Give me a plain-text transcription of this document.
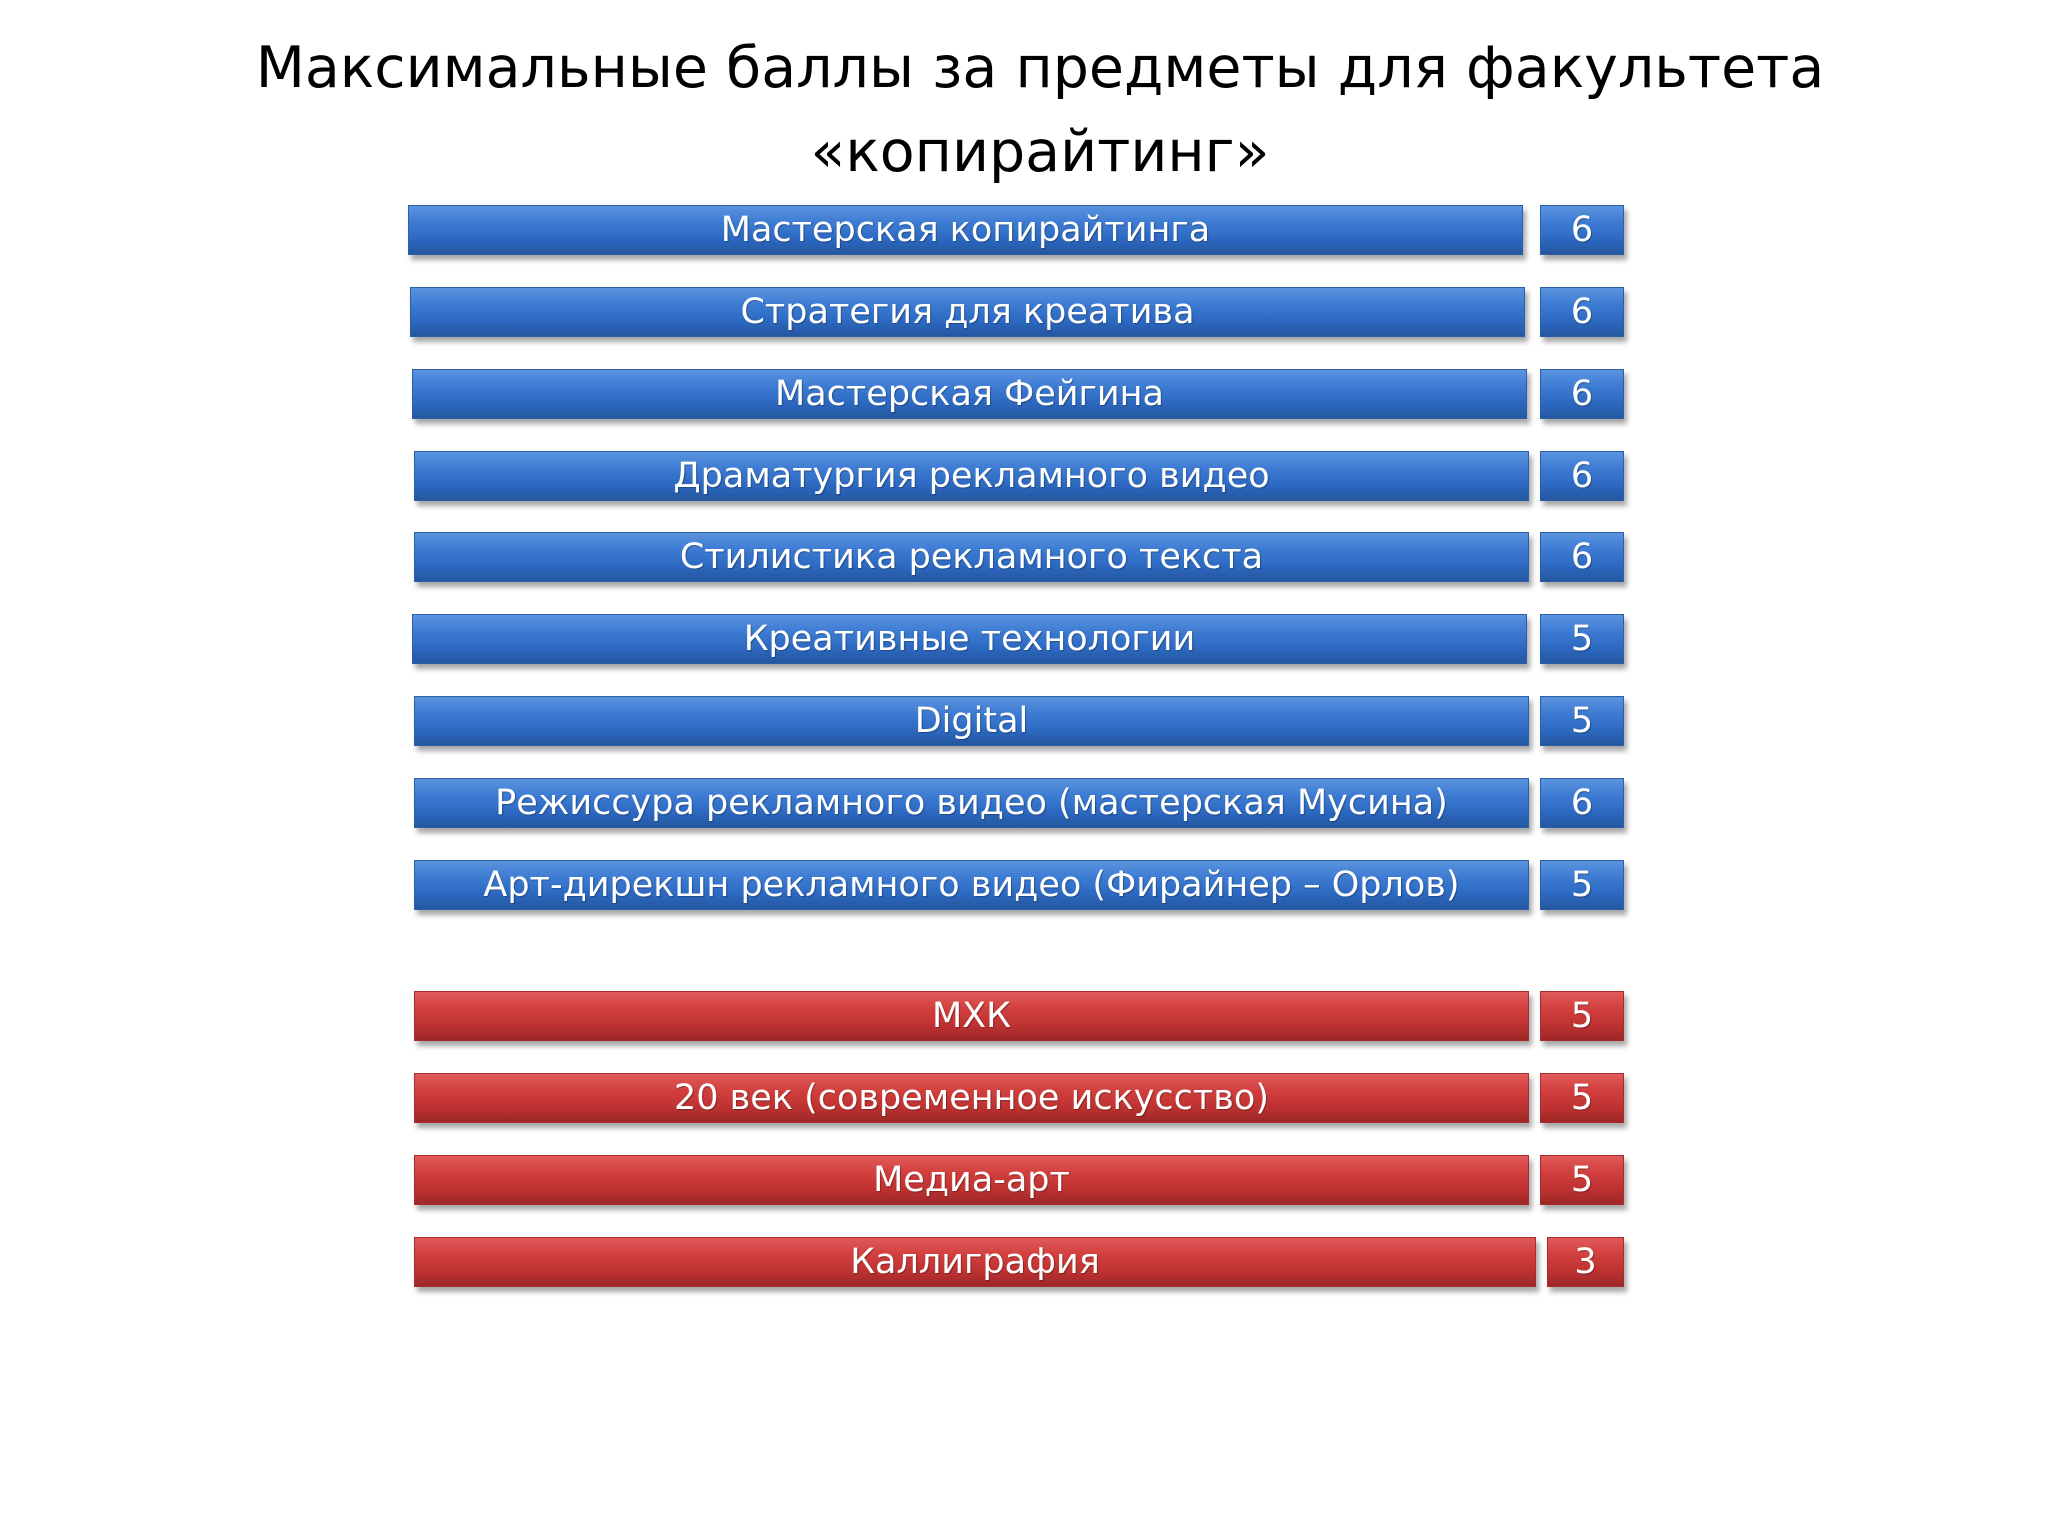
Максимальные баллы за предметы для факультета «копирайтинг»
Мастерская копирайтинга	6
Стратегия для креатива	6
Мастерская Фейгина	6
Драматургия рекламного видео	6
Стилистика рекламного текста	6
Креативные технологии	5
Digital	5
Режиссура рекламного видео (мастерская Мусина)	6
Арт-дирекшн рекламного видео (Фирайнер – Орлов)	5
МХК	5
20 век (современное искусство)	5
Медиа-арт	5
Каллиграфия	3
